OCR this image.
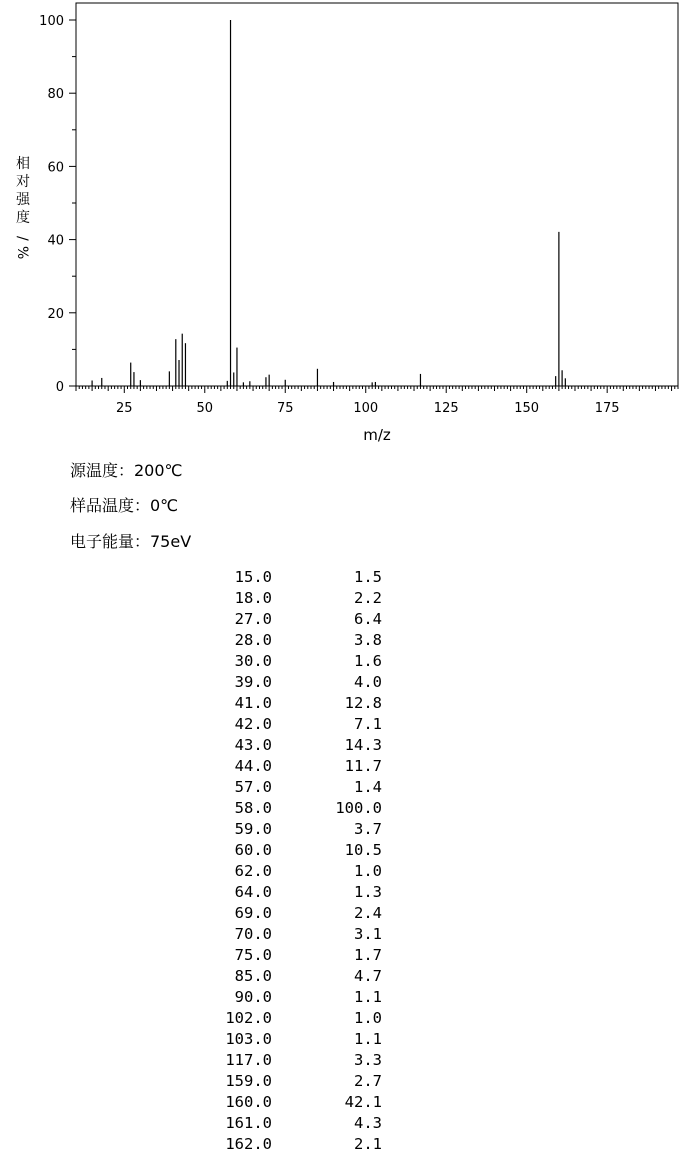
相
对
强
度
/
%
25	50	75	100	125	150	175
0
20
40
60
80
100
m/z
源温度：200℃
样品温度：0℃
电子能量：75eV
15.0	1.5
18.0	2.2
27.0	6.4
28.0	3.8
30.0	1.6
39.0	4.0
41.0	12.8
42.0	7.1
43.0	14.3
44.0	11.7
57.0	1.4
58.0	100.0
59.0	3.7
60.0	10.5
62.0	1.0
64.0	1.3
69.0	2.4
70.0	3.1
75.0	1.7
85.0	4.7
90.0	1.1
102.0	1.0
103.0	1.1
117.0	3.3
159.0	2.7
160.0	42.1
161.0	4.3
162.0	2.1
